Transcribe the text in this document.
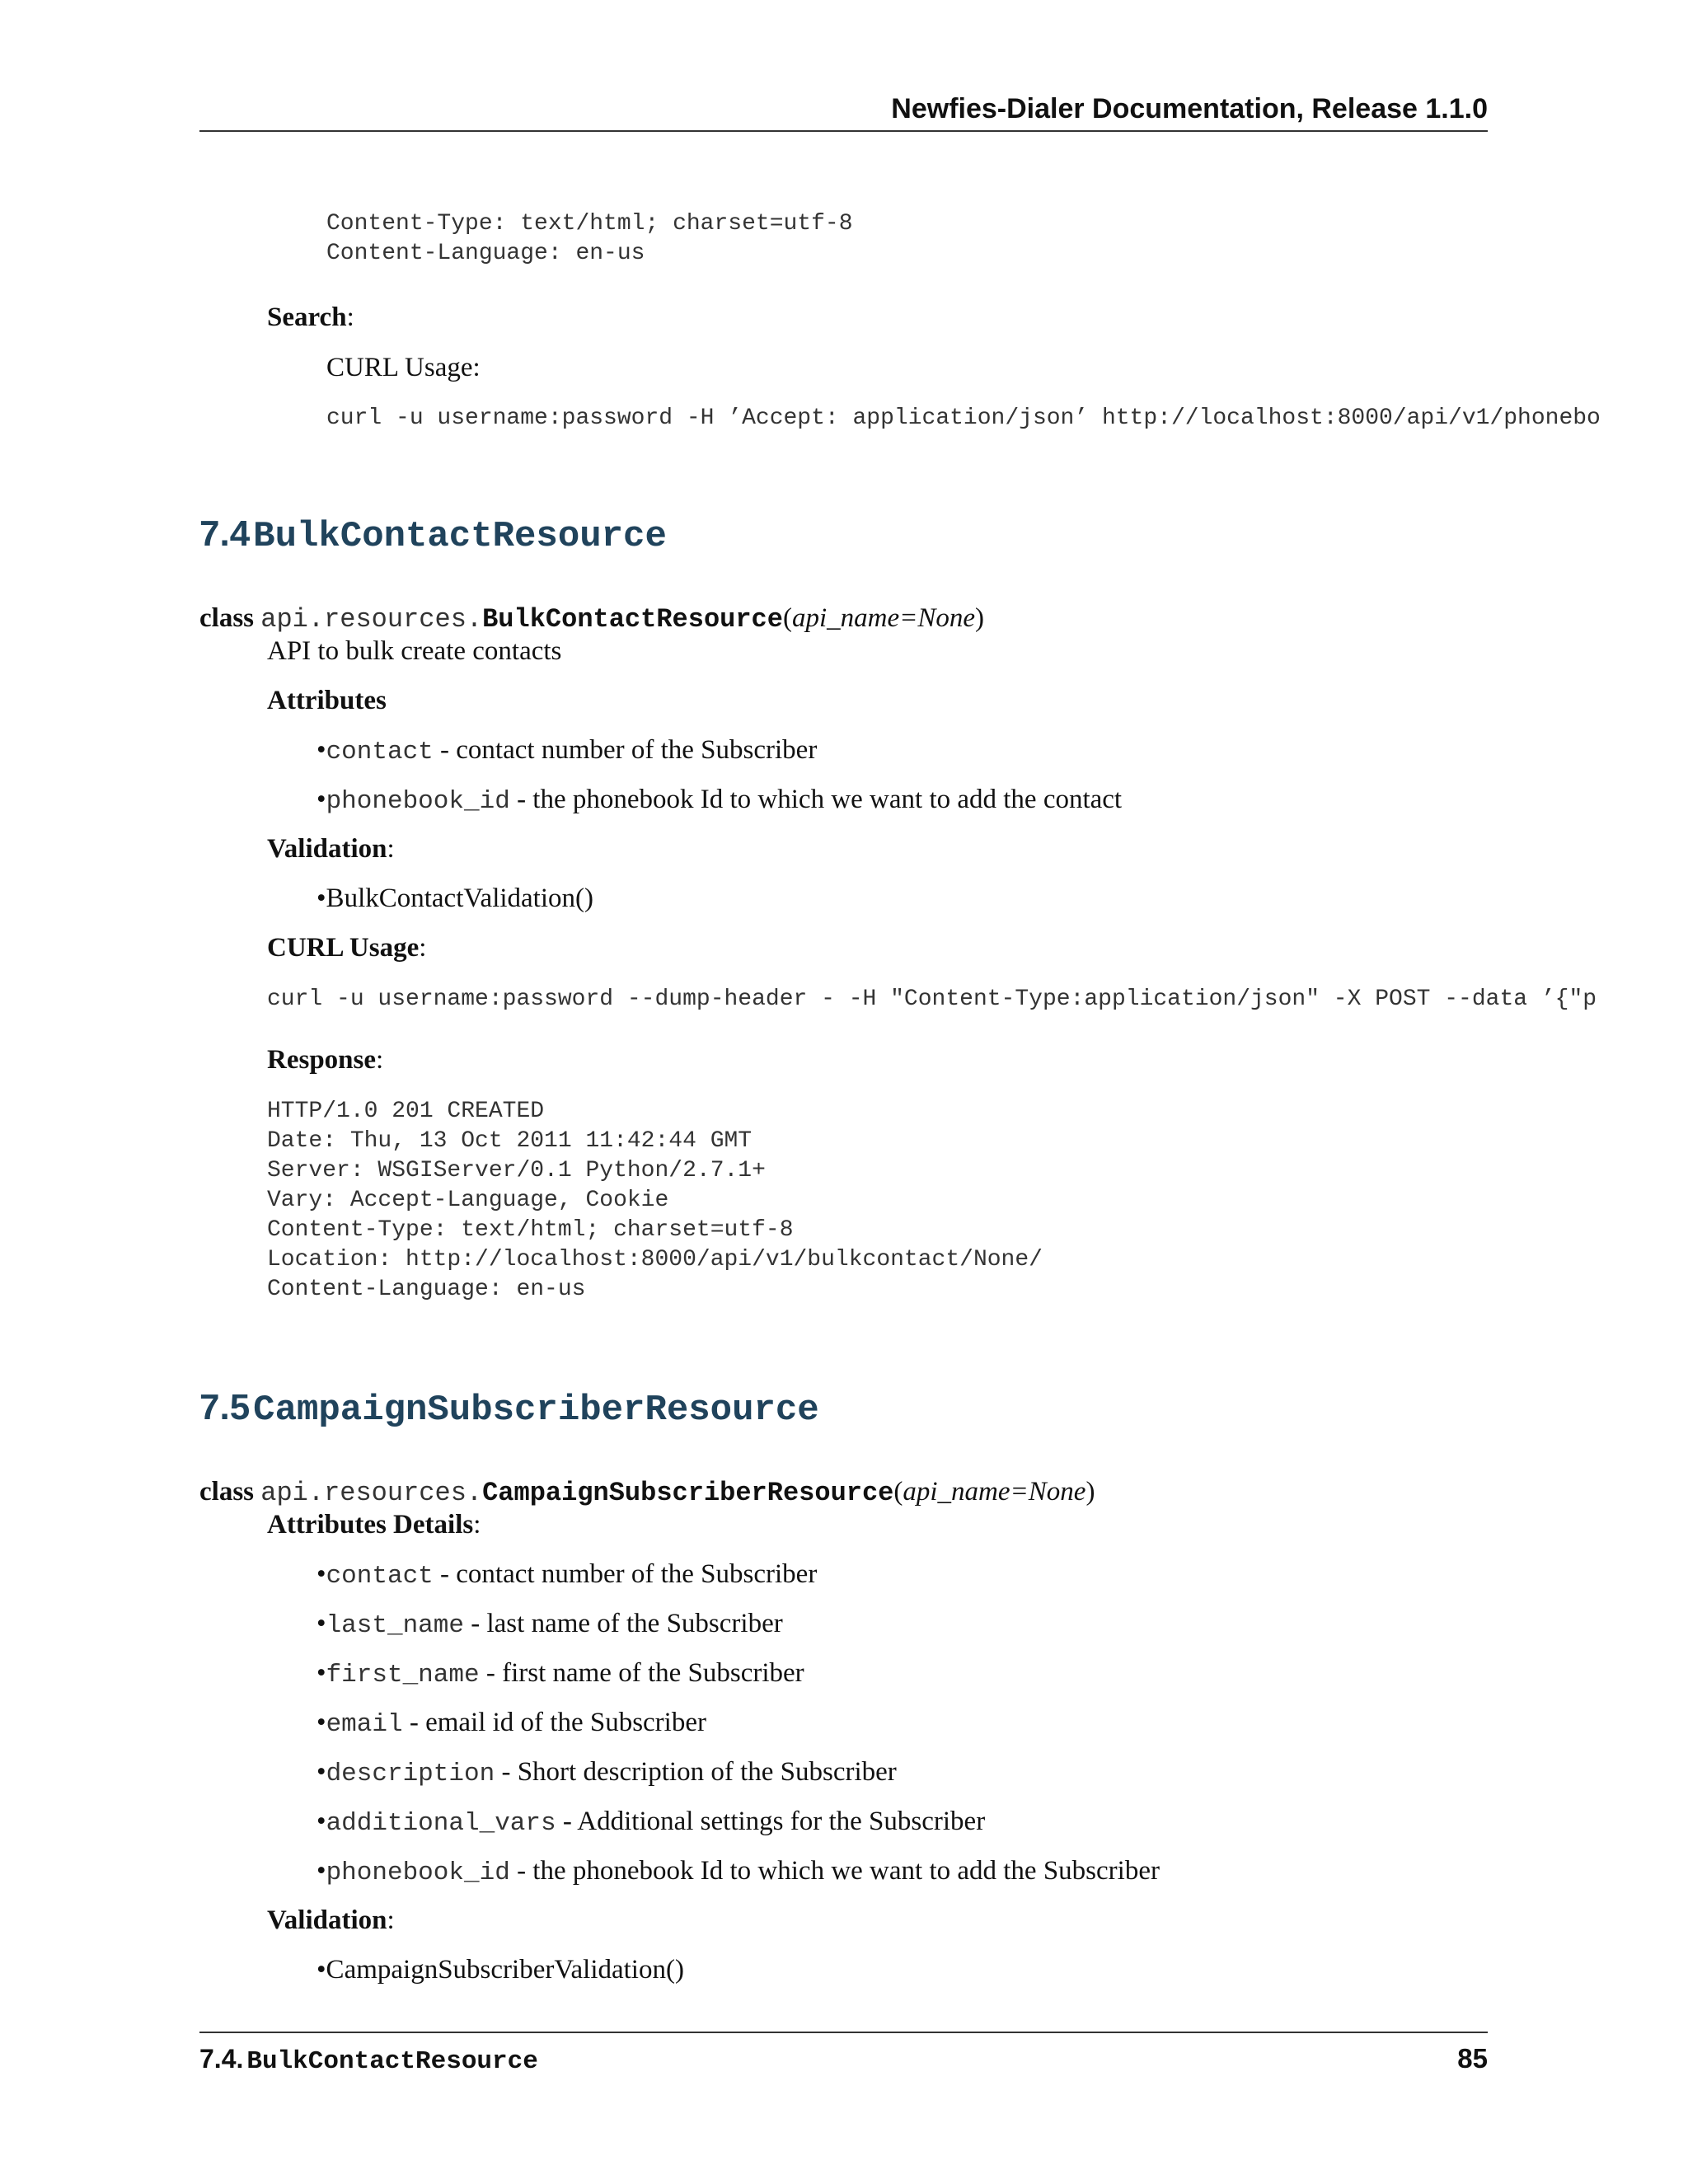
Newfies-Dialer Documentation, Release 1.1.0
Content-Type: text/html; charset=utf-8
Content-Language: en-us
Search:
CURL Usage:
curl -u username:password -H ’Accept: application/json’ http://localhost:8000/api/v1/phonebo
7.4 BulkContactResource
class api.resources.BulkContactResource(api_name=None)
API to bulk create contacts
Attributes
•contact - contact number of the Subscriber
•phonebook_id - the phonebook Id to which we want to add the contact
Validation:
•BulkContactValidation()
CURL Usage:
curl -u username:password --dump-header - -H "Content-Type:application/json" -X POST --data ’{"p
Response:
HTTP/1.0 201 CREATED
Date: Thu, 13 Oct 2011 11:42:44 GMT
Server: WSGIServer/0.1 Python/2.7.1+
Vary: Accept-Language, Cookie
Content-Type: text/html; charset=utf-8
Location: http://localhost:8000/api/v1/bulkcontact/None/
Content-Language: en-us
7.5 CampaignSubscriberResource
class api.resources.CampaignSubscriberResource(api_name=None)
Attributes Details:
•contact - contact number of the Subscriber
•last_name - last name of the Subscriber
•first_name - first name of the Subscriber
•email - email id of the Subscriber
•description - Short description of the Subscriber
•additional_vars - Additional settings for the Subscriber
•phonebook_id - the phonebook Id to which we want to add the Subscriber
Validation:
•CampaignSubscriberValidation()
7.4. BulkContactResource	85
